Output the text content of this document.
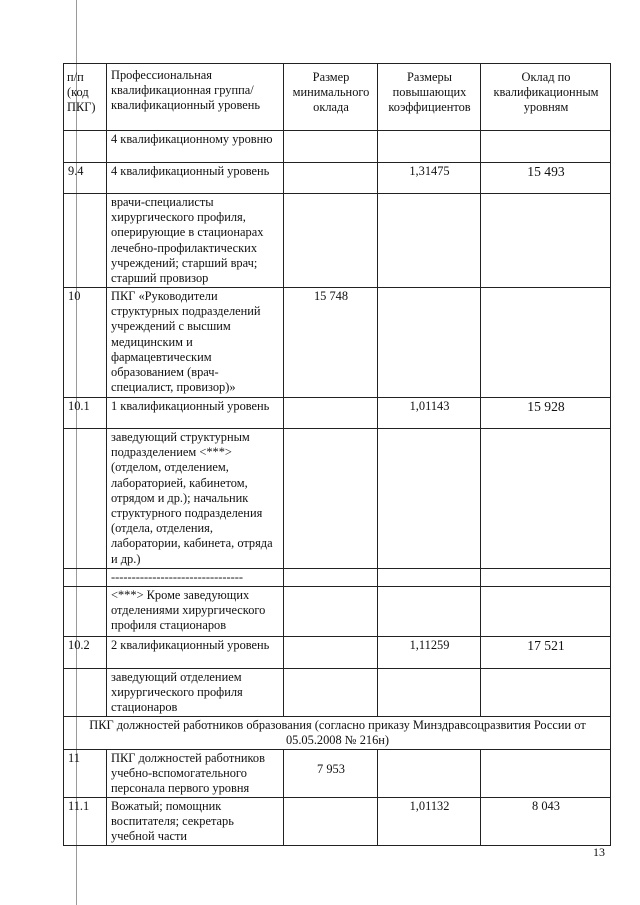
п/п (код ПКГ)	Профессиональная квалификационная группа/квалификационный уровень	Размер минимального оклада	Размеры повышающих коэффициентов	Оклад по квалификационным уровням
	4 квалификационному уровню			
9.4	4 квалификационный уровень		1,31475	15 493
	врачи-специалисты хирургического профиля, оперирующие в стационарах лечебно-профилактических учреждений; старший врач; старший провизор			
10	ПКГ «Руководители структурных подразделений учреждений с высшим медицинским и фармацевтическим образованием (врач-специалист, провизор)»	15 748		
10.1	1 квалификационный уровень		1,01143	15 928
	заведующий структурным подразделением <***> (отделом, отделением, лабораторией, кабинетом, отрядом и др.); начальник структурного подразделения (отдела, отделения, лаборатории, кабинета, отряда и др.)			
	--------------------------------			
	<***> Кроме заведующих отделениями хирургического профиля стационаров			
10.2	2 квалификационный уровень		1,11259	17 521
	заведующий отделением хирургического профиля стационаров			
ПКГ должностей работников образования (согласно приказу Минздравсоцразвития России от 05.05.2008 № 216н)				
11	ПКГ должностей работников учебно-вспомогательного персонала первого уровня	7 953		
11.1	Вожатый; помощник воспитателя; секретарь учебной части		1,01132	8 043
13
